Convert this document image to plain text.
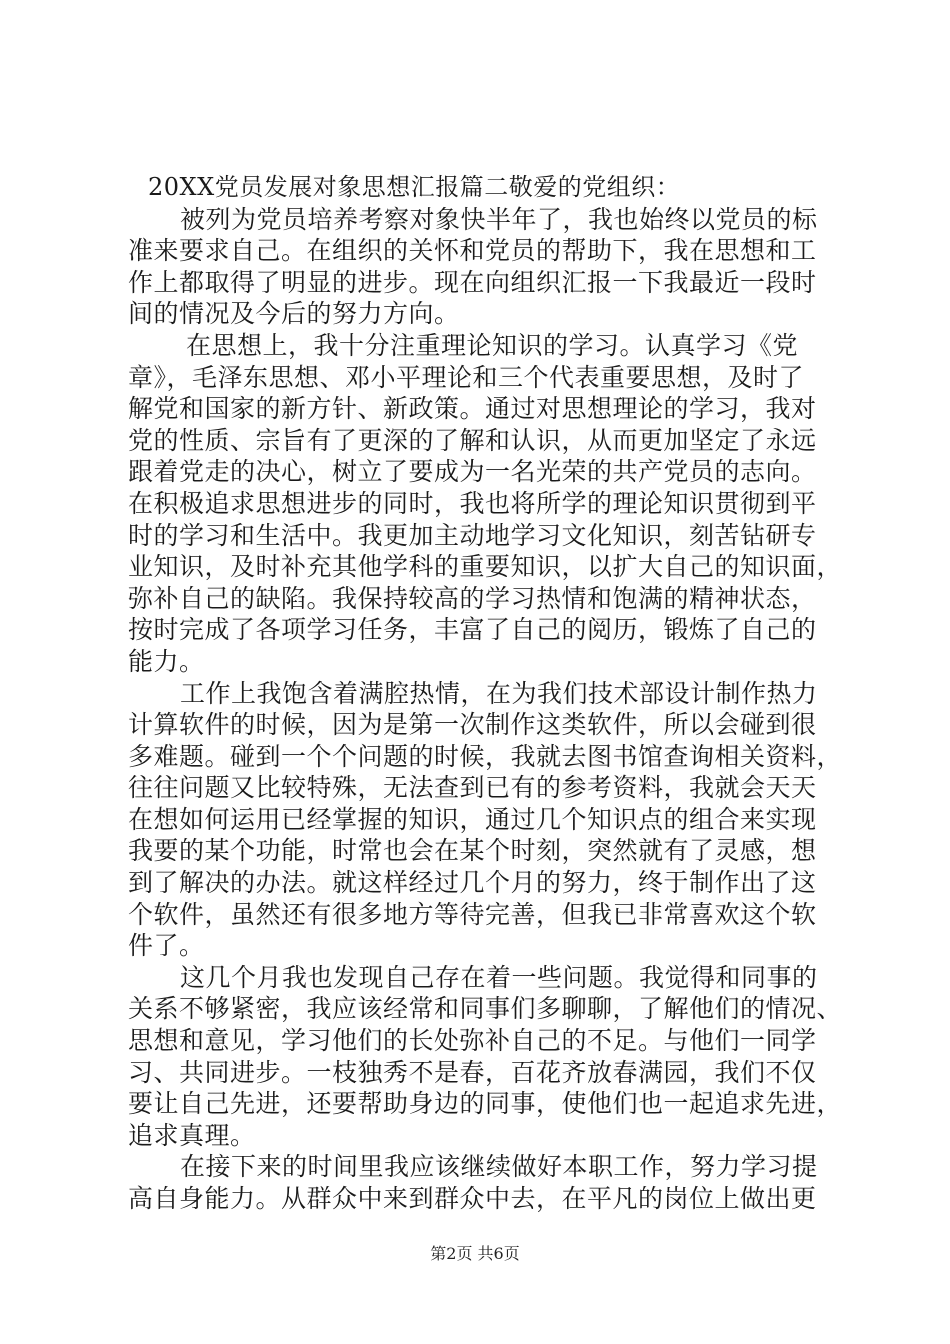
20XX党员发展对象思想汇报篇二敬爱的党组织：
被列为党员培养考察对象快半年了，我也始终以党员的标
准来要求自己。在组织的关怀和党员的帮助下，我在思想和工
作上都取得了明显的进步。现在向组织汇报一下我最近一段时
间的情况及今后的努力方向。
在思想上，我十分注重理论知识的学习。认真学习《党
章》，毛泽东思想、邓小平理论和三个代表重要思想，及时了
解党和国家的新方针、新政策。通过对思想理论的学习，我对
党的性质、宗旨有了更深的了解和认识，从而更加坚定了永远
跟着党走的决心，树立了要成为一名光荣的共产党员的志向。
在积极追求思想进步的同时，我也将所学的理论知识贯彻到平
时的学习和生活中。我更加主动地学习文化知识，刻苦钻研专
业知识，及时补充其他学科的重要知识，以扩大自己的知识面，
弥补自己的缺陷。我保持较高的学习热情和饱满的精神状态，
按时完成了各项学习任务，丰富了自己的阅历，锻炼了自己的
能力。
工作上我饱含着满腔热情，在为我们技术部设计制作热力
计算软件的时候，因为是第一次制作这类软件，所以会碰到很
多难题。碰到一个个问题的时候，我就去图书馆查询相关资料，
往往问题又比较特殊，无法查到已有的参考资料，我就会天天
在想如何运用已经掌握的知识，通过几个知识点的组合来实现
我要的某个功能，时常也会在某个时刻，突然就有了灵感，想
到了解决的办法。就这样经过几个月的努力，终于制作出了这
个软件，虽然还有很多地方等待完善，但我已非常喜欢这个软
件了。
这几个月我也发现自己存在着一些问题。我觉得和同事的
关系不够紧密，我应该经常和同事们多聊聊，了解他们的情况、
思想和意见，学习他们的长处弥补自己的不足。与他们一同学
习、共同进步。一枝独秀不是春，百花齐放春满园，我们不仅
要让自己先进，还要帮助身边的同事，使他们也一起追求先进，
追求真理。
在接下来的时间里我应该继续做好本职工作，努力学习提
高自身能力。从群众中来到群众中去，在平凡的岗位上做出更
第2页 共6页
